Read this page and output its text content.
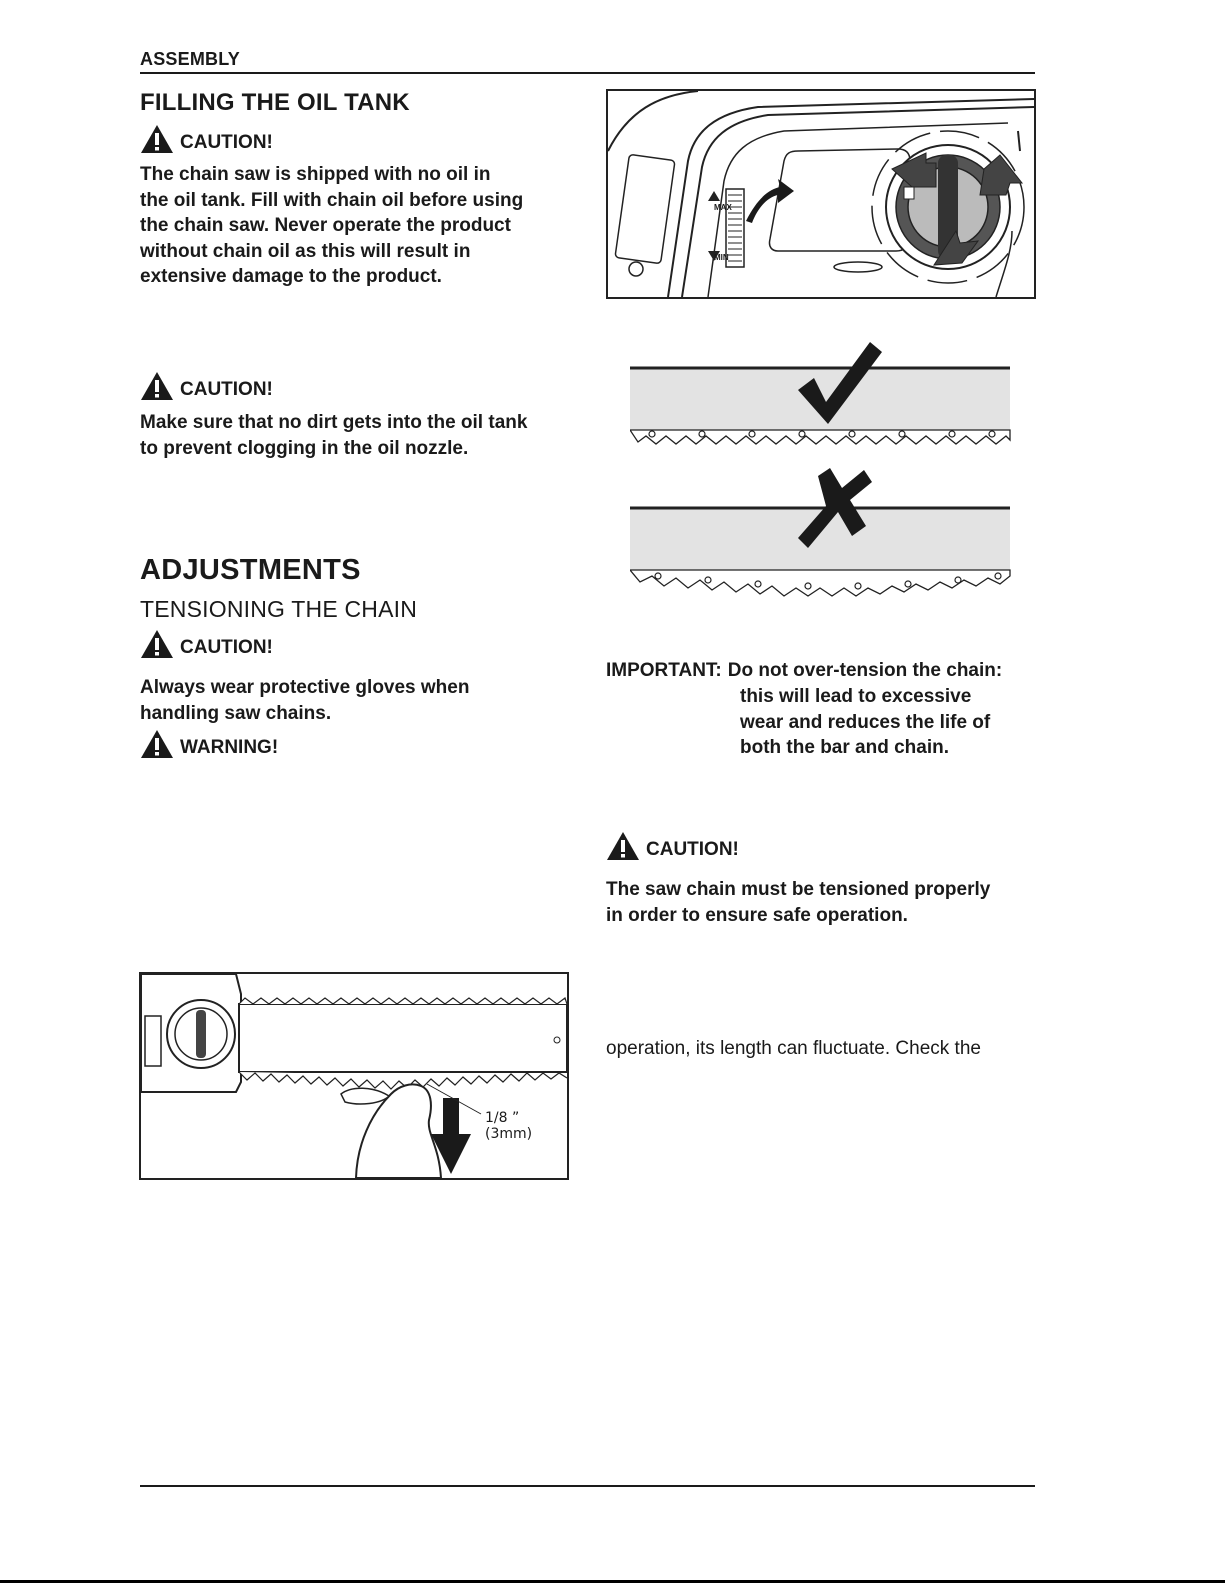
ASSEMBLY
FILLING THE OIL TANK
CAUTION!
The chain saw is shipped with no oil in
the oil tank. Fill with chain oil before using
the chain saw. Never operate the product
without chain oil as this will result in
extensive damage to the product.
CAUTION!
Make sure that no dirt gets into the oil tank
to prevent clogging in the oil nozzle.
ADJUSTMENTS
TENSIONING THE CHAIN
CAUTION!
Always wear protective gloves when
handling saw chains.
WARNING!
1/8 ” (3mm)
MAX
MIN
IMPORTANT: Do not over-tension the chain:
this will lead to excessive
wear and reduces the life of
both the bar and chain.
CAUTION!
The saw chain must be tensioned properly
in order to ensure safe operation.
operation, its length can fluctuate. Check the
